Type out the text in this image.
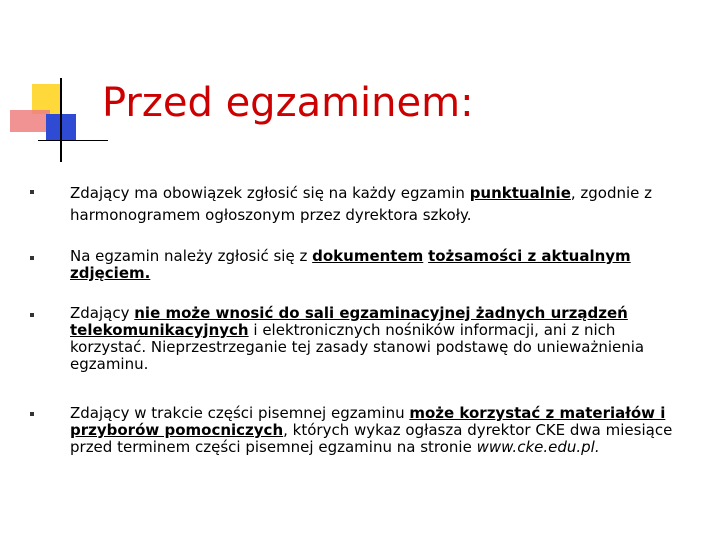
Przed egzaminem:
Zdający ma obowiązek zgłosić się na każdy egzamin punktualnie, zgodnie z harmonogramem ogłoszonym przez dyrektora szkoły.
Na egzamin należy zgłosić się z dokumentem tożsamości z aktualnym zdjęciem.
Zdający nie może wnosić do sali egzaminacyjnej żadnych urządzeń telekomunikacyjnych i elektronicznych nośników informacji, ani z nich korzystać. Nieprzestrzeganie tej zasady stanowi podstawę do unieważnienia egzaminu.
Zdający w trakcie części pisemnej egzaminu może korzystać z materiałów i przyborów pomocniczych, których wykaz ogłasza dyrektor CKE dwa miesiące przed terminem części pisemnej egzaminu na stronie www.cke.edu.pl.
